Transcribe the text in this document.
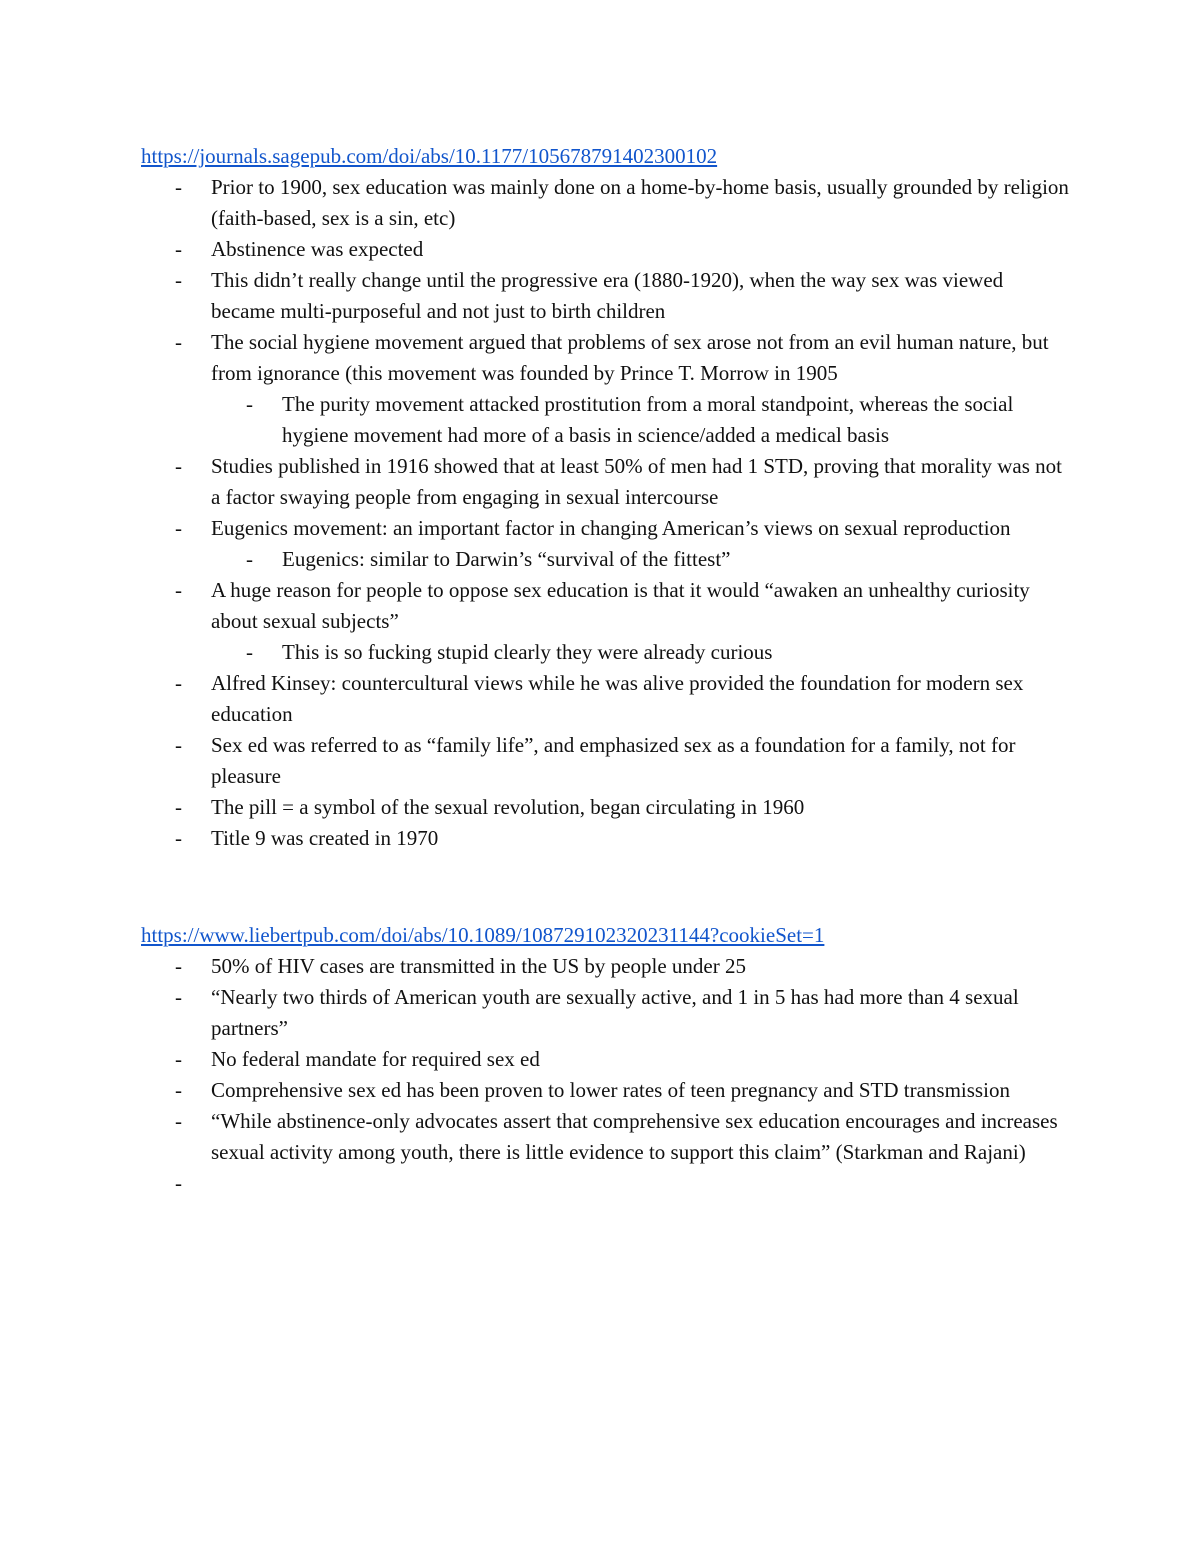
https://journals.sagepub.com/doi/abs/10.1177/105678791402300102
- Prior to 1900, sex education was mainly done on a home-by-home basis, usually grounded by religion (faith-based, sex is a sin, etc)
- Abstinence was expected
- This didn’t really change until the progressive era (1880-1920), when the way sex was viewed became multi-purposeful and not just to birth children
- The social hygiene movement argued that problems of sex arose not from an evil human nature, but from ignorance (this movement was founded by Prince T. Morrow in 1905
- The purity movement attacked prostitution from a moral standpoint, whereas the social hygiene movement had more of a basis in science/added a medical basis
- Studies published in 1916 showed that at least 50% of men had 1 STD, proving that morality was not a factor swaying people from engaging in sexual intercourse
- Eugenics movement: an important factor in changing American’s views on sexual reproduction
- Eugenics: similar to Darwin’s “survival of the fittest”
- A huge reason for people to oppose sex education is that it would “awaken an unhealthy curiosity about sexual subjects”
- This is so fucking stupid clearly they were already curious
- Alfred Kinsey: countercultural views while he was alive provided the foundation for modern sex education
- Sex ed was referred to as “family life”, and emphasized sex as a foundation for a family, not for pleasure
- The pill = a symbol of the sexual revolution, began circulating in 1960
- Title 9 was created in 1970
https://www.liebertpub.com/doi/abs/10.1089/108729102320231144?cookieSet=1
- 50% of HIV cases are transmitted in the US by people under 25
- “Nearly two thirds of American youth are sexually active, and 1 in 5 has had more than 4 sexual partners”
- No federal mandate for required sex ed
- Comprehensive sex ed has been proven to lower rates of teen pregnancy and STD transmission
- “While abstinence-only advocates assert that comprehensive sex education encourages and increases sexual activity among youth, there is little evidence to support this claim” (Starkman and Rajani)
-
